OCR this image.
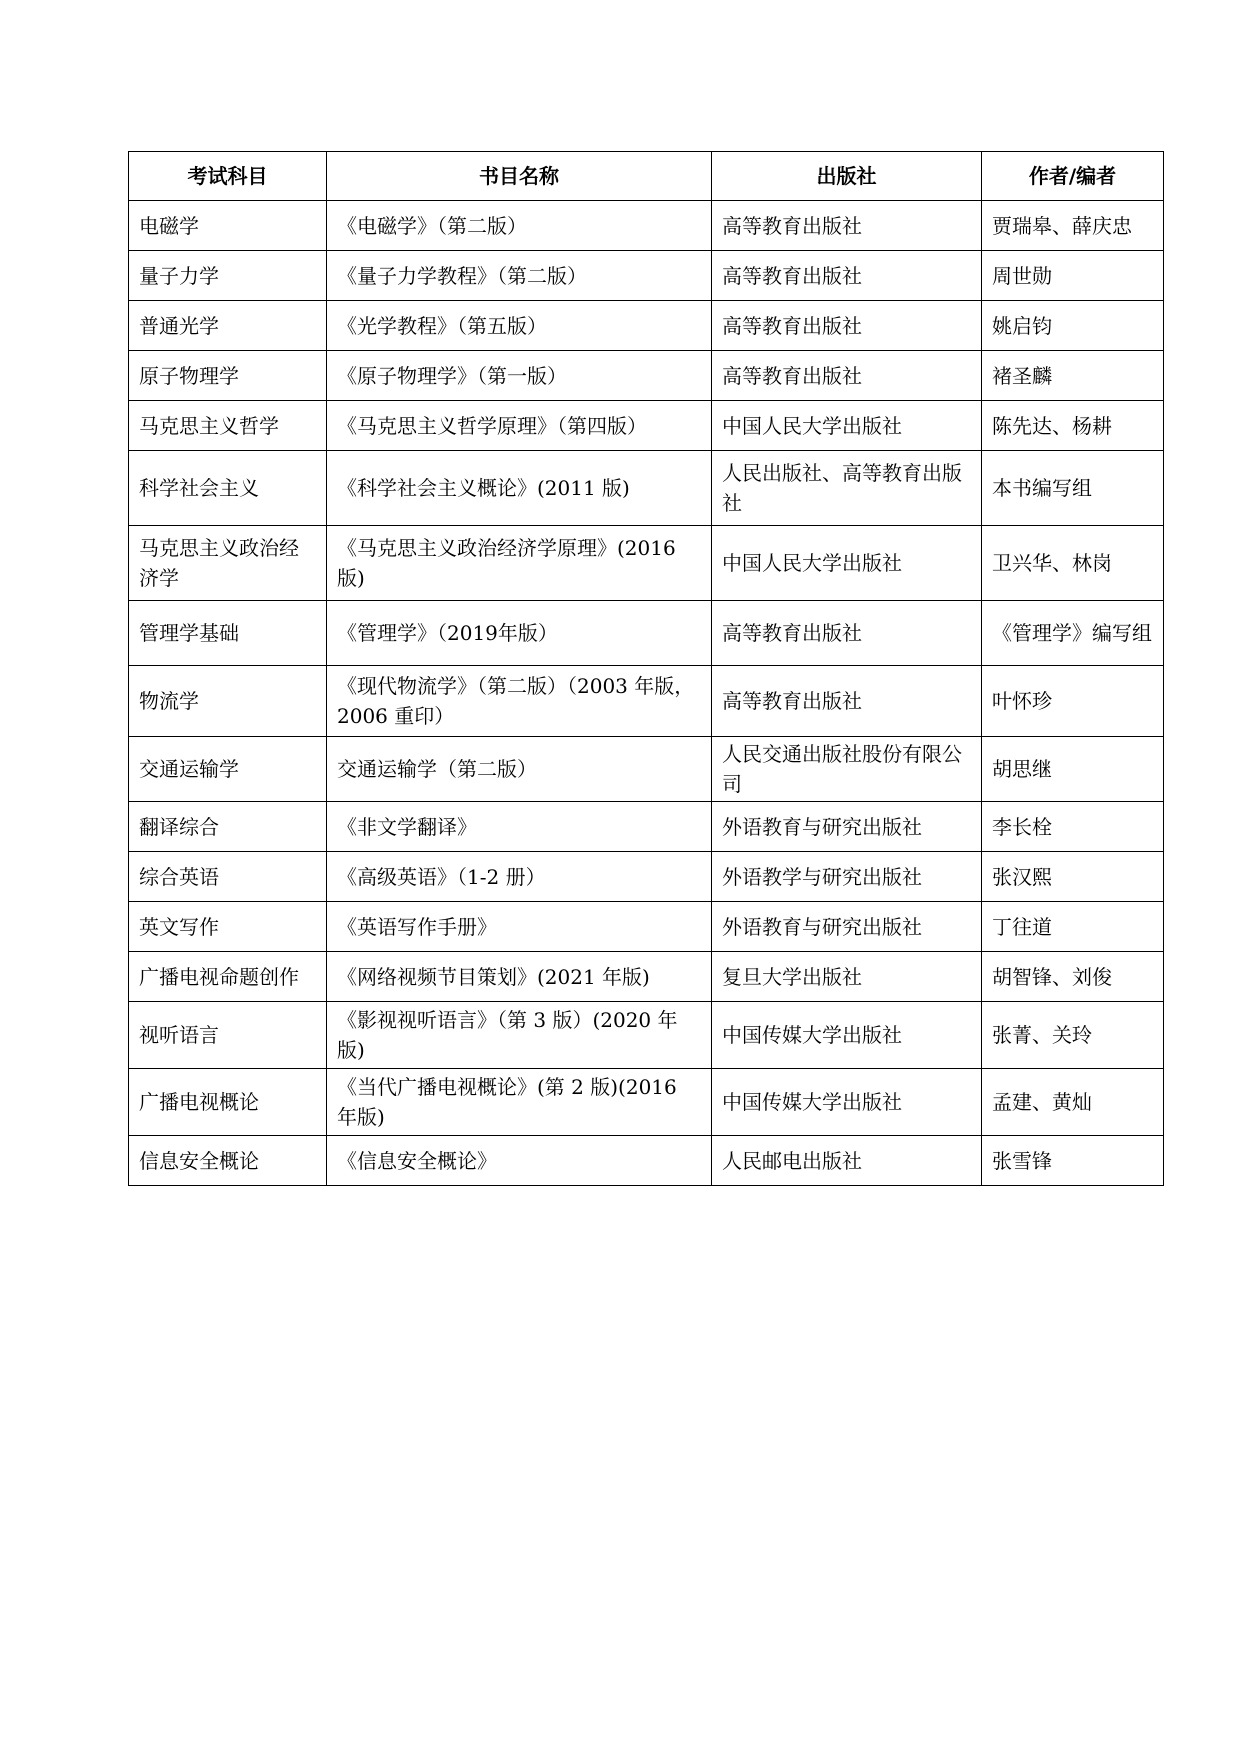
考试科目	书目名称	出版社	作者/编者
电磁学	《电磁学》（第二版）	高等教育出版社	贾瑞皋、薛庆忠
量子力学	《量子力学教程》（第二版）	高等教育出版社	周世勋
普通光学	《光学教程》（第五版）	高等教育出版社	姚启钧
原子物理学	《原子物理学》（第一版）	高等教育出版社	褚圣麟
马克思主义哲学	《马克思主义哲学原理》（第四版）	中国人民大学出版社	陈先达、杨耕
科学社会主义	《科学社会主义概论》(2011 版)	人民出版社、高等教育出版社	本书编写组
马克思主义政治经济学	《马克思主义政治经济学原理》(2016版)	中国人民大学出版社	卫兴华、林岗
管理学基础	《管理学》（2019年版）	高等教育出版社	《管理学》编写组
物流学	《现代物流学》（第二版）（2003 年版，2006 重印）	高等教育出版社	叶怀珍
交通运输学	交通运输学（第二版）	人民交通出版社股份有限公司	胡思继
翻译综合	《非文学翻译》	外语教育与研究出版社	李长栓
综合英语	《高级英语》（1-2 册）	外语教学与研究出版社	张汉熙
英文写作	《英语写作手册》	外语教育与研究出版社	丁往道
广播电视命题创作	《网络视频节目策划》(2021 年版)	复旦大学出版社	胡智锋、刘俊
视听语言	《影视视听语言》（第 3 版）(2020 年版)	中国传媒大学出版社	张菁、关玲
广播电视概论	《当代广播电视概论》(第 2 版)(2016 年版)	中国传媒大学出版社	孟建、黄灿
信息安全概论	《信息安全概论》	人民邮电出版社	张雪锋
